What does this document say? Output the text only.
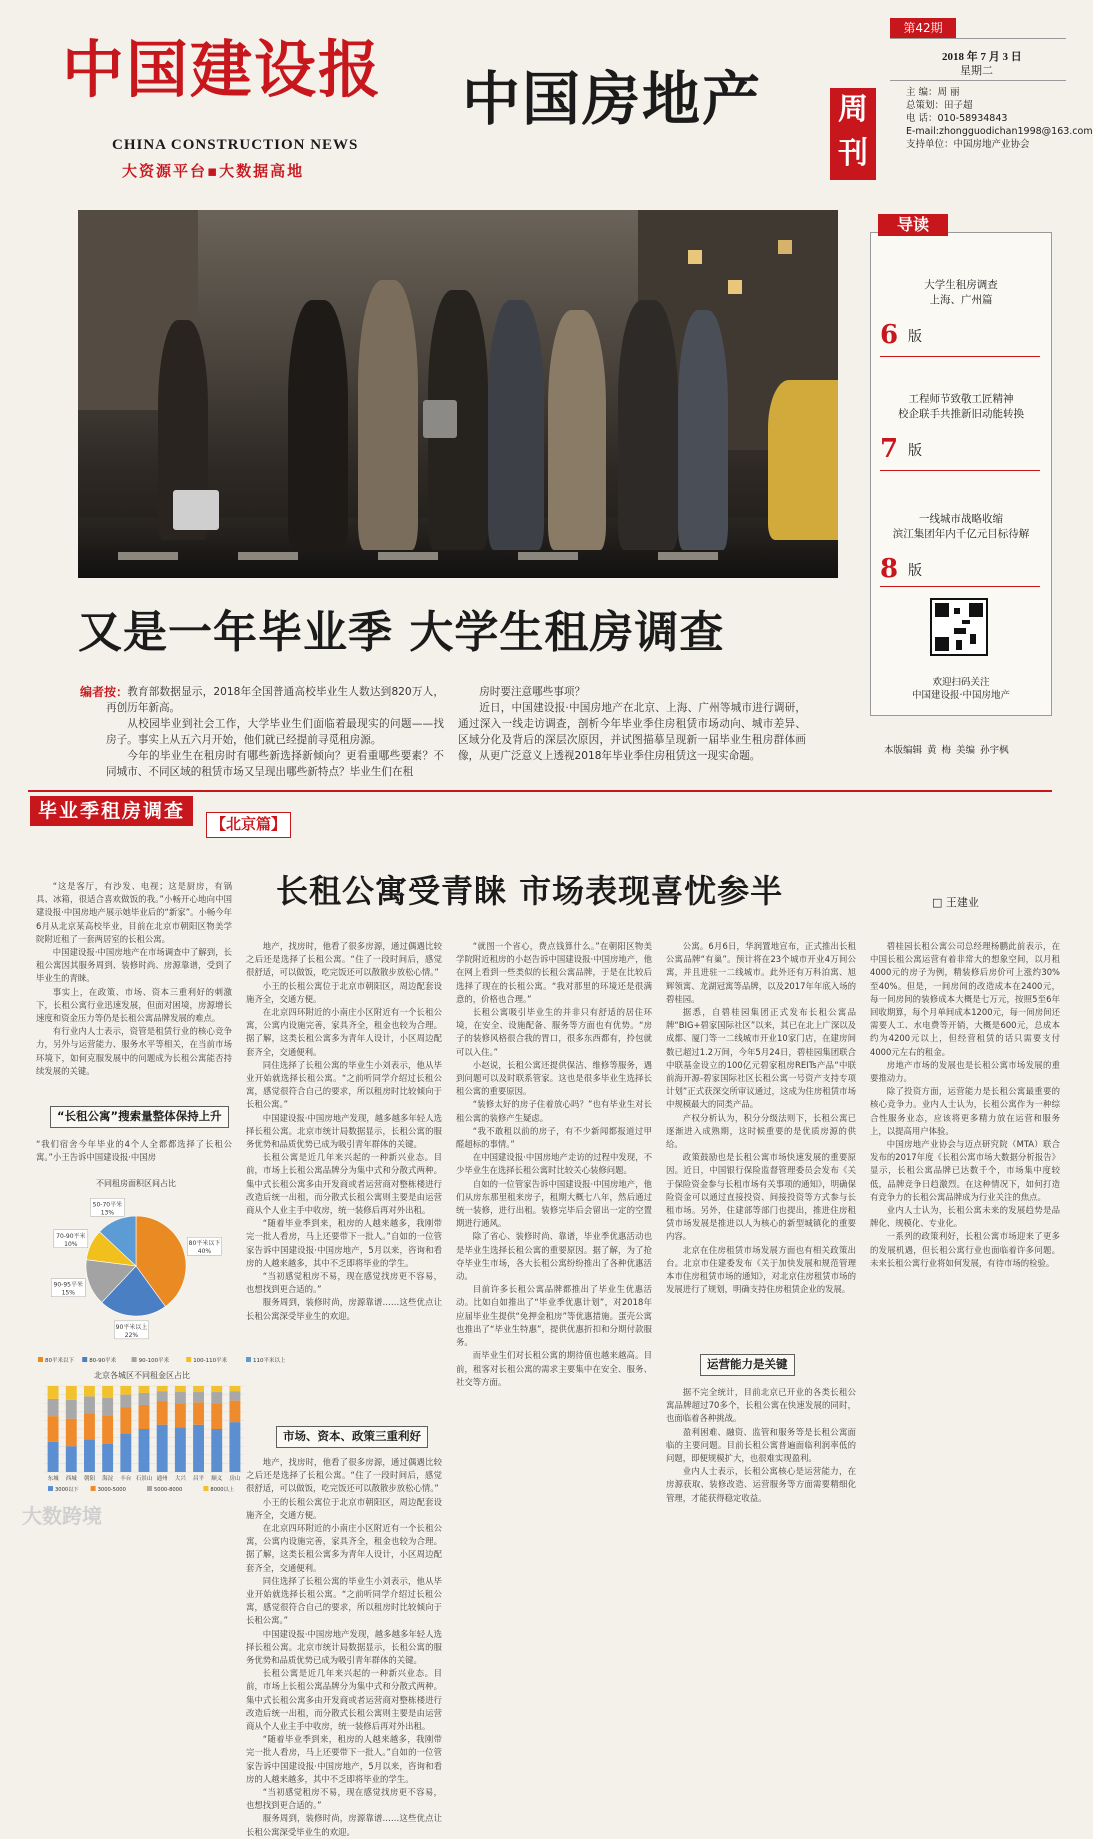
中国建设报
CHINA CONSTRUCTION NEWS
大资源平台▪大数据高地
中国房地产	周刊
第42期
2018 年 7 月 3 日
星期二
主 编：周 丽
总策划：田子超
电 话：010-58934843
E-mail:zhongguodichan1998@163.com
支持单位：中国房地产业协会
又是一年毕业季 大学生租房调查
导读
大学生租房调查
上海、广州篇
6 版
工程师节致敬工匠精神
校企联手共推新旧动能转换
7 版
一线城市战略收缩
滨江集团年内千亿元目标待解
8 版
欢迎扫码关注
中国建设报·中国房地产
本版编辑 黄 梅 美编 孙宇枫
编者按： 教育部数据显示，2018年全国普通高校毕业生人数达到820万人，再创历年新高。

从校园毕业到社会工作，大学毕业生们面临着最现实的问题——找房子。事实上从五六月开始，他们就已经提前寻觅租房源。

今年的毕业生在租房时有哪些新选择新倾向？更看重哪些要素？不同城市、不同区域的租赁市场又呈现出哪些新特点？毕业生们在租

房时要注意哪些事项？

近日，中国建设报·中国房地产在北京、上海、广州等城市进行调研，通过深入一线走访调查，剖析今年毕业季住房租赁市场动向、城市差异、区域分化及背后的深层次原因，并试图描摹呈现新一届毕业生租房群体画像，从更广泛意义上透视2018年毕业季住房租赁这一现实命题。

毕业季租房调查
【北京篇】
长租公寓受青睐 市场表现喜忧参半	□ 王建业

“这是客厅，有沙发、电视；这是厨房，有锅具、冰箱，很适合喜欢做饭的我。”小畅开心地向中国建设报·中国房地产展示她毕业后的“新家”。小畅今年6月从北京某高校毕业，目前在北京市朝阳区物美学院附近租了一套两居室的长租公寓。

中国建设报·中国房地产在市场调查中了解到，长租公寓因其服务周到、装修时尚、房源靠谱，受到了毕业生的青睐。

事实上，在政策、市场、资本三重利好的刺激下，长租公寓行业迅速发展，但面对困境，房源增长速度和资金压力等仍是长租公寓品牌发展的难点。

有行业内人士表示，资管是租赁行业的核心竞争力，另外与运营能力、服务水平等相关，在当前市场环境下，如何克服发展中的问题成为长租公寓能否持续发展的关键。

“长租公寓”搜索量整体保持上升
“我们宿舍今年毕业的4个人全都都选择了长租公寓。”小王告诉中国建设报·中国房
不同租房面积区间占比
80平米以下
40%
90平米以上
22%
90-95平米
15%
70-90平米
10%
50-70平米
13%
80平米以下	80-90平米	90-100平米	100-110平米	110平米以上
北京各城区不同租金区占比
东城 西城 朝阳 海淀 丰台 石景山 通州 大兴 昌平 顺义 房山
3000以下	3000-5000	5000-8000	8000以上

地产，找房时，他看了很多房源，通过偶遇比较之后还是选择了长租公寓。“住了一段时间后，感觉很舒适，可以做饭，吃完饭还可以散散步放松心情。”

小王的长租公寓位于北京市朝阳区，周边配套设施齐全，交通方便。

在北京四环附近的小南庄小区附近有一个长租公寓，公寓内设施完善，家具齐全，租金也较为合理。据了解，这类长租公寓多为青年人设计，小区周边配套齐全，交通便利。

同住选择了长租公寓的毕业生小刘表示，他从毕业开始就选择长租公寓。“之前听同学介绍过长租公寓，感觉很符合自己的要求，所以租房时比较倾向于长租公寓。”

中国建设报·中国房地产发现，越多越多年轻人选择长租公寓。北京市统计局数据显示，长租公寓的服务优势和品质优势已成为吸引青年群体的关键。

长租公寓是近几年来兴起的一种新兴业态。目前，市场上长租公寓品牌分为集中式和分散式两种。集中式长租公寓多由开发商或者运营商对整栋楼进行改造后统一出租，而分散式长租公寓则主要是由运营商从个人业主手中收房，统一装修后再对外出租。

“随着毕业季到来，租房的人越来越多，我刚带完一批人看房，马上还要带下一批人。”自如的一位管家告诉中国建设报·中国房地产，5月以来，咨询和看房的人越来越多，其中不乏即将毕业的学生。

“当初感觉租房不易，现在感觉找房更不容易，也想找到更合适的。”

服务周到，装修时尚，房源靠谱……这些优点让长租公寓深受毕业生的欢迎。

市场、资本、政策三重利好

地产，找房时，他看了很多房源，通过偶遇比较之后还是选择了长租公寓。“住了一段时间后，感觉很舒适，可以做饭，吃完饭还可以散散步放松心情。”

小王的长租公寓位于北京市朝阳区，周边配套设施齐全，交通方便。

在北京四环附近的小南庄小区附近有一个长租公寓，公寓内设施完善，家具齐全，租金也较为合理。据了解，这类长租公寓多为青年人设计，小区周边配套齐全，交通便利。

同住选择了长租公寓的毕业生小刘表示，他从毕业开始就选择长租公寓。“之前听同学介绍过长租公寓，感觉很符合自己的要求，所以租房时比较倾向于长租公寓。”

中国建设报·中国房地产发现，越多越多年轻人选择长租公寓。北京市统计局数据显示，长租公寓的服务优势和品质优势已成为吸引青年群体的关键。

长租公寓是近几年来兴起的一种新兴业态。目前，市场上长租公寓品牌分为集中式和分散式两种。集中式长租公寓多由开发商或者运营商对整栋楼进行改造后统一出租，而分散式长租公寓则主要是由运营商从个人业主手中收房，统一装修后再对外出租。

“随着毕业季到来，租房的人越来越多，我刚带完一批人看房，马上还要带下一批人。”自如的一位管家告诉中国建设报·中国房地产，5月以来，咨询和看房的人越来越多，其中不乏即将毕业的学生。

“当初感觉租房不易，现在感觉找房更不容易，也想找到更合适的。”

服务周到，装修时尚，房源靠谱……这些优点让长租公寓深受毕业生的欢迎。

“就图一个省心，费点钱算什么。”在朝阳区物美学院附近租房的小赵告诉中国建设报·中国房地产，他在网上看到一些类似的长租公寓品牌，于是在比较后选择了现在的长租公寓。“我对那里的环境还是很满意的，价格也合理。”

长租公寓吸引毕业生的并非只有舒适的居住环境，在安全、设施配备、服务等方面也有优势。“房子的装修风格很合我的胃口，很多东西都有，拎包就可以入住。”

小赵说，长租公寓还提供保洁、维修等服务，遇到问题可以及时联系管家。这也是很多毕业生选择长租公寓的重要原因。

“装修太好的房子住着放心吗？”也有毕业生对长租公寓的装修产生疑虑。

“我不敢租以前的房子，有不少新闻都报道过甲醛超标的事情。”

在中国建设报·中国房地产走访的过程中发现，不少毕业生在选择长租公寓时比较关心装修问题。

自如的一位管家告诉中国建设报·中国房地产，他们从房东那里租来房子，租期大概七八年，然后通过统一装修，进行出租。装修完毕后会留出一定的空置期进行通风。

除了省心、装修时尚、靠谱，毕业季优惠活动也是毕业生选择长租公寓的重要原因。据了解，为了抢夺毕业生市场，各大长租公寓纷纷推出了各种优惠活动。

目前许多长租公寓品牌都推出了毕业生优惠活动。比如自如推出了“毕业季优惠计划”，对2018年应届毕业生提供“免押金租房”等优惠措施。蛋壳公寓也推出了“毕业生特惠”，提供优惠折扣和分期付款服务。

而毕业生们对长租公寓的期待值也越来越高。目前，租客对长租公寓的需求主要集中在安全、服务、社交等方面。

公寓。6月6日，华润置地宣布，正式推出长租公寓品牌“有巢”。预计将在23个城市开业4万间公寓，并且进驻一二线城市。此外还有万科泊寓、旭辉领寓、龙湖冠寓等品牌，以及2017年年底入场的碧桂园。

据悉，自碧桂园集团正式发布长租公寓品牌“BIG+碧家国际社区”以来，其已在北上广深以及成都、厦门等一二线城市开业10家门店，在建房间数已超过1.2万间，今年5月24日，碧桂园集团联合中联基金设立的100亿元碧家租房REITs产品“中联前海开源-碧家国际社区长租公寓一号资产支持专项计划”正式获深交所审议通过，这成为住房租赁市场中规模最大的同类产品。

产权分析认为，积分分级法则下，长租公寓已逐渐进入成熟期，这时候重要的是优质房源的供给。

政策鼓励也是长租公寓市场快速发展的重要原因。近日，中国银行保险监督管理委员会发布《关于保险资金参与长租市场有关事项的通知》，明确保险资金可以通过直接投资、间接投资等方式参与长租市场。另外，住建部等部门也提出，推进住房租赁市场发展是推进以人为核心的新型城镇化的重要内容。

北京在住房租赁市场发展方面也有相关政策出台。北京市住建委发布《关于加快发展和规范管理本市住房租赁市场的通知》，对北京住房租赁市场的发展进行了规划，明确支持住房租赁企业的发展。

运营能力是关键

据不完全统计，目前北京已开业的各类长租公寓品牌超过70多个，长租公寓在快速发展的同时，也面临着各种挑战。

盈利困难、融资、监管和服务等是长租公寓面临的主要问题。目前长租公寓普遍面临利润率低的问题，即便规模扩大，也很难实现盈利。

业内人士表示，长租公寓核心是运营能力，在房源获取、装修改造、运营服务等方面需要精细化管理，才能获得稳定收益。

碧桂园长租公寓公司总经理杨鹏此前表示，在中国长租公寓运营有着非常大的想象空间，以月租4000元的房子为例，精装修后房价可上涨约30%至40%。但是，一间房间的改造成本在2400元，每一间房间的装修成本大概是七万元，按照5至6年回收期算，每个月单间成本1200元，每一间房间还需要人工、水电费等开销，大概是600元，总成本约为4200元以上，但经营租赁的话只需要支付4000元左右的租金。

房地产市场的发展也是长租公寓市场发展的重要推动力。

除了投资方面，运营能力是长租公寓最重要的核心竞争力。业内人士认为，长租公寓作为一种综合性服务业态，应该将更多精力放在运营和服务上，以提高用户体验。

中国房地产业协会与迈点研究院（MTA）联合发布的2017年度《长租公寓市场大数据分析报告》显示，长租公寓品牌已达数千个，市场集中度较低，品牌竞争日趋激烈。在这种情况下，如何打造有竞争力的长租公寓品牌成为行业关注的焦点。

业内人士认为，长租公寓未来的发展趋势是品牌化、规模化、专业化。

一系列的政策利好，长租公寓市场迎来了更多的发展机遇，但长租公寓行业也面临着许多问题。未来长租公寓行业将如何发展，有待市场的检验。

大数跨境
